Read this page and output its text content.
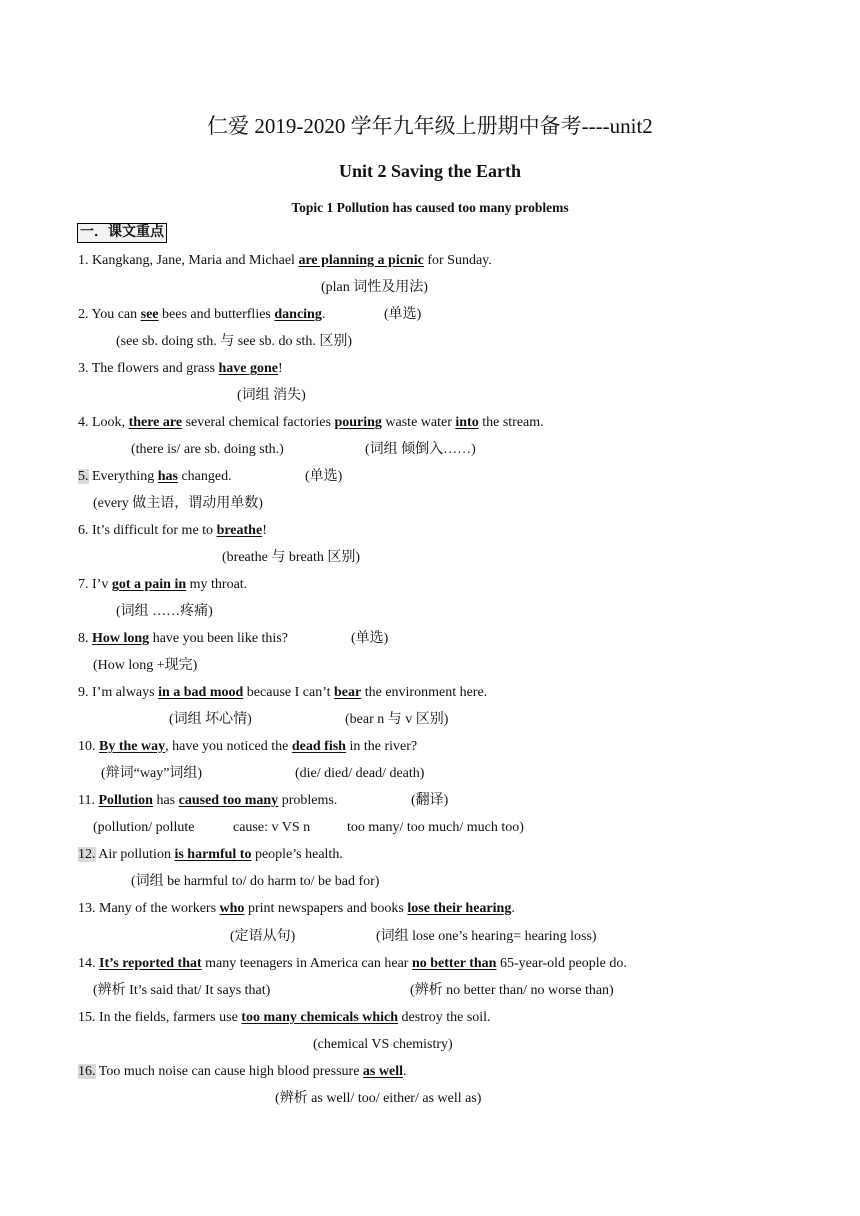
仁爱 2019-2020 学年九年级上册期中备考----unit2
Unit 2 Saving the Earth
Topic 1 Pollution has caused too many problems
一．课文重点
1. Kangkang, Jane, Maria and Michael are planning a picnic for Sunday.
(plan 词性及用法)
2. You can see bees and butterflies dancing.	(单选)
(see sb. doing sth. 与 see sb. do sth. 区别)
3. The flowers and grass have gone!
(词组 消失)
4. Look, there are several chemical factories pouring waste water into the stream.
(there is/ are sb. doing sth.)	(词组 倾倒入……)
5. Everything has changed.	(单选)
(every 做主语，谓动用单数)
6. It’s difficult for me to breathe!
(breathe 与 breath 区别)
7. I’v got a pain in my throat.
(词组 ……疼痛)
8. How long have you been like this?	(单选)
(How long +现完)
9. I’m always in a bad mood because I can’t bear the environment here.
(词组 坏心情)	(bear n 与 v 区别)
10. By the way, have you noticed the dead fish in the river?
(辩词“way”词组)	(die/ died/ dead/ death)
11. Pollution has caused too many problems.	(翻译)
(pollution/ pollute	cause: v VS n	too many/ too much/ much too)
12. Air pollution is harmful to people’s health.
(词组 be harmful to/ do harm to/ be bad for)
13. Many of the workers who print newspapers and books lose their hearing.
(定语从句)	(词组 lose one’s hearing= hearing loss)
14. It’s reported that many teenagers in America can hear no better than 65-year-old people do.
(辨析 It’s said that/ It says that)	(辨析 no better than/ no worse than)
15. In the fields, farmers use too many chemicals which destroy the soil.
(chemical VS chemistry)
16. Too much noise can cause high blood pressure as well.
(辨析 as well/ too/ either/ as well as)
